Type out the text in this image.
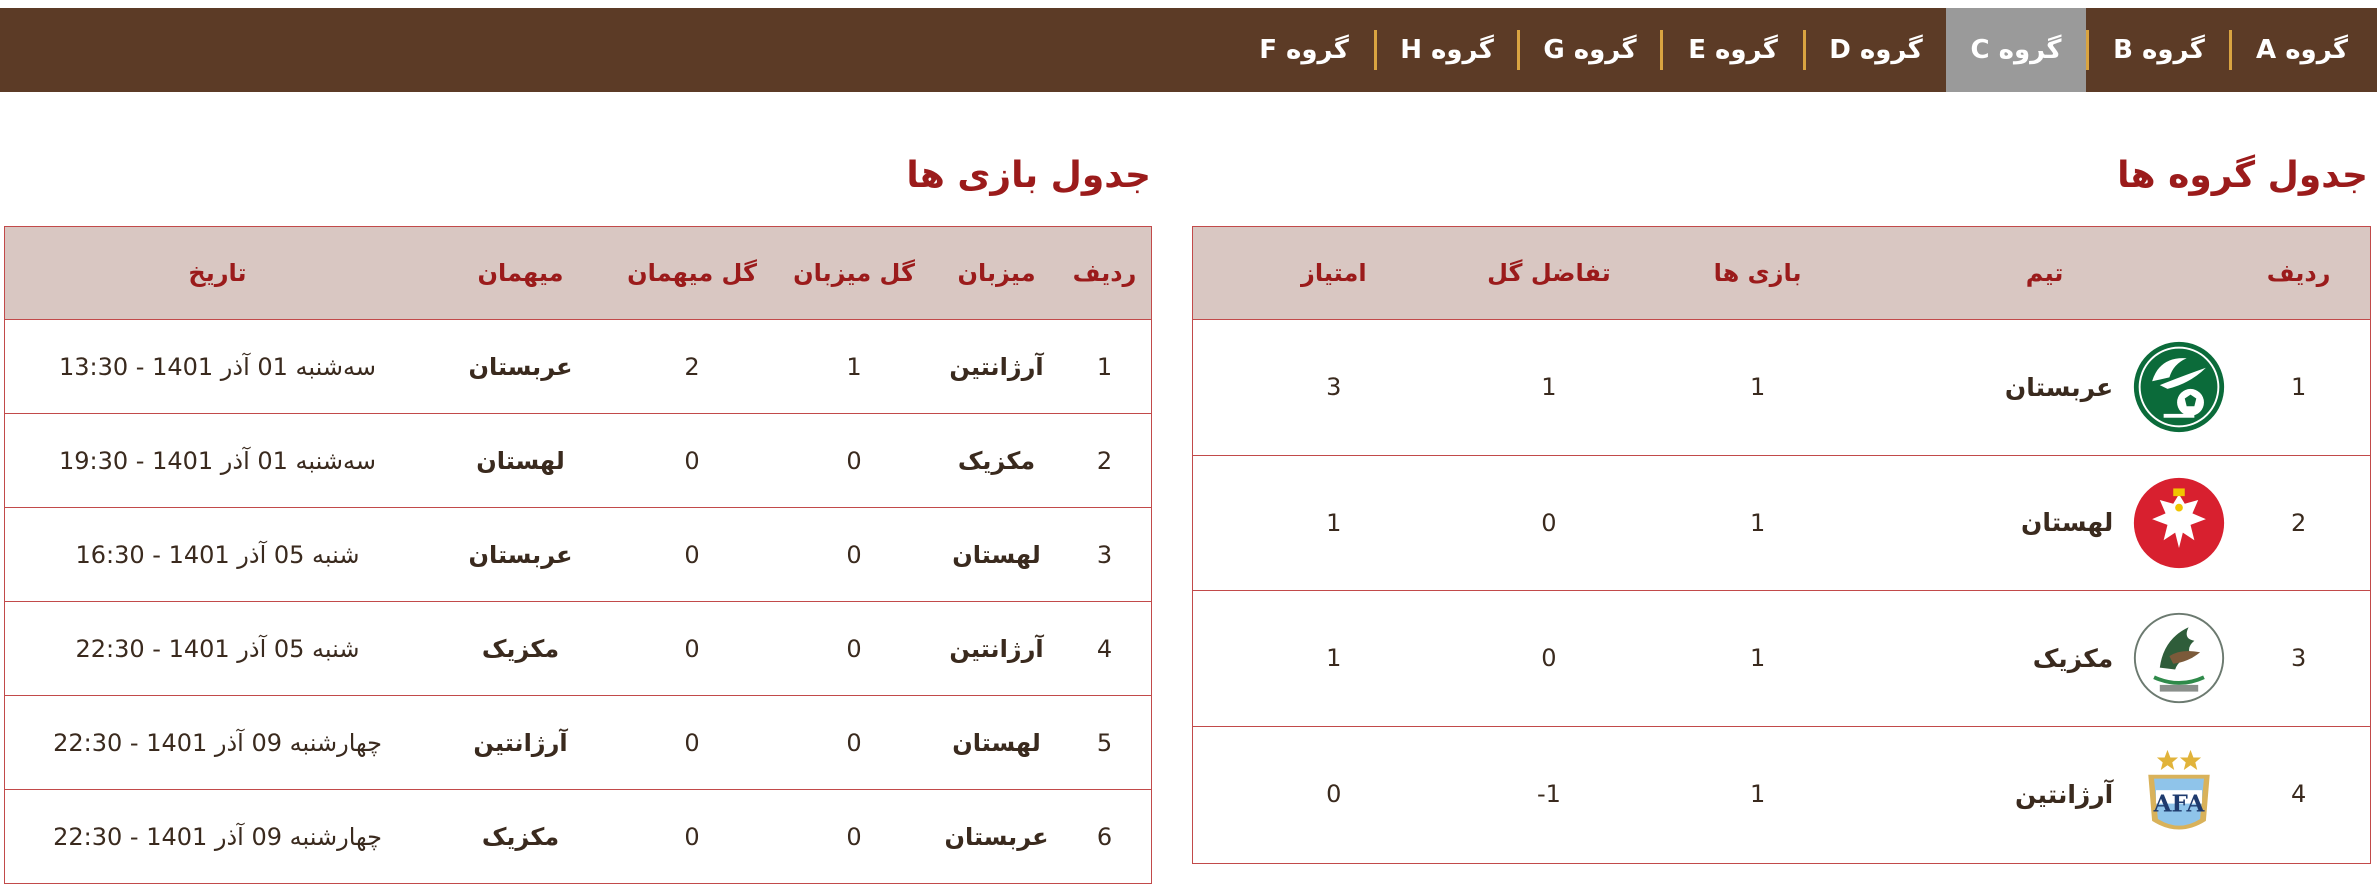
گروه A
گروه B
گروه C
گروه D
گروه E
گروه G
گروه H
گروه F
جدول گروه ها
جدول بازی ها
ردیف
تیم
بازی ها
تفاضل گل
امتیاز
1
عربستان
1
1
3
2
لهستان
1
0
1
3
مکزیک
1
0
1
4
AFA
آرژانتین
1
1-
0
ردیف
میزبان
گل میزبان
گل میهمان
میهمان
تاریخ
1
آرژانتین
1
2
عربستان
سه‌شنبه 01 آذر 1401 - 13:30
2
مکزیک
0
0
لهستان
سه‌شنبه 01 آذر 1401 - 19:30
3
لهستان
0
0
عربستان
شنبه 05 آذر 1401 - 16:30
4
آرژانتین
0
0
مکزیک
شنبه 05 آذر 1401 - 22:30
5
لهستان
0
0
آرژانتین
چهارشنبه 09 آذر 1401 - 22:30
6
عربستان
0
0
مکزیک
چهارشنبه 09 آذر 1401 - 22:30
